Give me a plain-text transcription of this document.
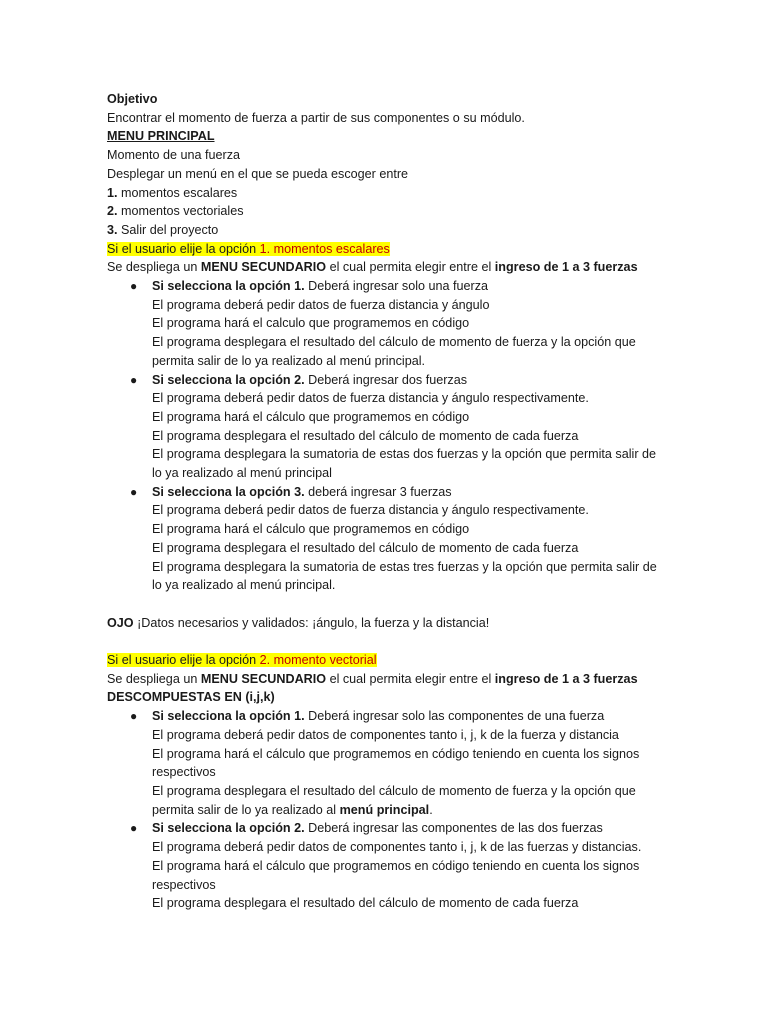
Objetivo
Encontrar el momento de fuerza a partir de sus componentes o su módulo.
MENU PRINCIPAL
Momento de una fuerza
Desplegar un menú en el que se pueda escoger entre
1. momentos escalares
2. momentos vectoriales
3. Salir del proyecto
Si el usuario elije la opción 1. momentos escalares
Se despliega un MENU SECUNDARIO el cual permita elegir entre el ingreso de 1 a 3 fuerzas
● Si selecciona la opción 1. Deberá ingresar solo una fuerza
El programa deberá pedir datos de fuerza distancia y ángulo
El programa hará el calculo que programemos en código
El programa desplegara el resultado del cálculo de momento de fuerza y la opción que
permita salir de lo ya realizado al menú principal.
● Si selecciona la opción 2. Deberá ingresar dos fuerzas
El programa deberá pedir datos de fuerza distancia y ángulo respectivamente.
El programa hará el cálculo que programemos en código
El programa desplegara el resultado del cálculo de momento de cada fuerza
El programa desplegara la sumatoria de estas dos fuerzas y la opción que permita salir de
lo ya realizado al menú principal
● Si selecciona la opción 3. deberá ingresar 3 fuerzas
El programa deberá pedir datos de fuerza distancia y ángulo respectivamente.
El programa hará el cálculo que programemos en código
El programa desplegara el resultado del cálculo de momento de cada fuerza
El programa desplegara la sumatoria de estas tres fuerzas y la opción que permita salir de
lo ya realizado al menú principal.
OJO ¡Datos necesarios y validados: ¡ángulo, la fuerza y la distancia!
Si el usuario elije la opción 2. momento vectorial
Se despliega un MENU SECUNDARIO el cual permita elegir entre el ingreso de 1 a 3 fuerzas
DESCOMPUESTAS EN (i,j,k)
● Si selecciona la opción 1. Deberá ingresar solo las componentes de una fuerza
El programa deberá pedir datos de componentes tanto i, j, k de la fuerza y distancia
El programa hará el cálculo que programemos en código teniendo en cuenta los signos
respectivos
El programa desplegara el resultado del cálculo de momento de fuerza y la opción que
permita salir de lo ya realizado al menú principal.
● Si selecciona la opción 2. Deberá ingresar las componentes de las dos fuerzas
El programa deberá pedir datos de componentes tanto i, j, k de las fuerzas y distancias.
El programa hará el cálculo que programemos en código teniendo en cuenta los signos
respectivos
El programa desplegara el resultado del cálculo de momento de cada fuerza
